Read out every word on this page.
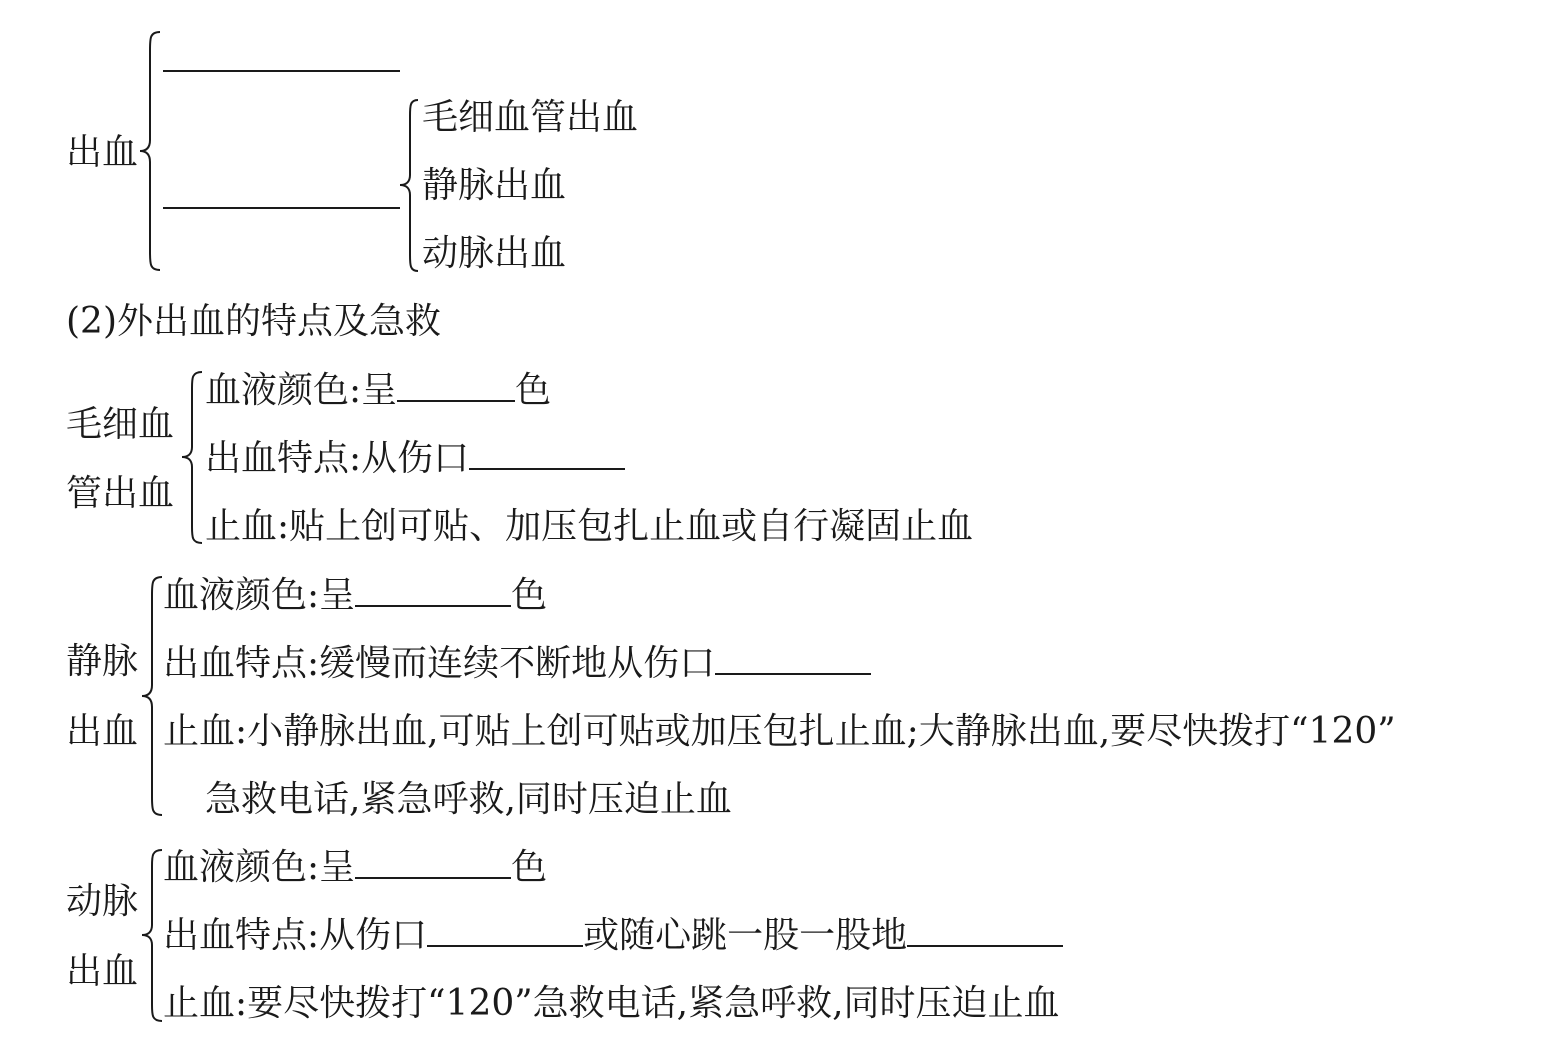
出血
毛细血管出血
静脉出血
动脉出血
(2)外出血的特点及急救
毛细血
管出血
血液颜色:呈	色
出血特点:从伤口
止血:贴上创可贴、加压包扎止血或自行凝固止血
静脉
出血
血液颜色:呈	色
出血特点:缓慢而连续不断地从伤口
止血:小静脉出血,可贴上创可贴或加压包扎止血;大静脉出血,要尽快拨打“120”
急救电话,紧急呼救,同时压迫止血
动脉
出血
血液颜色:呈	色
出血特点:从伤口	或随心跳一股一股地
止血:要尽快拨打“120”急救电话,紧急呼救,同时压迫止血
